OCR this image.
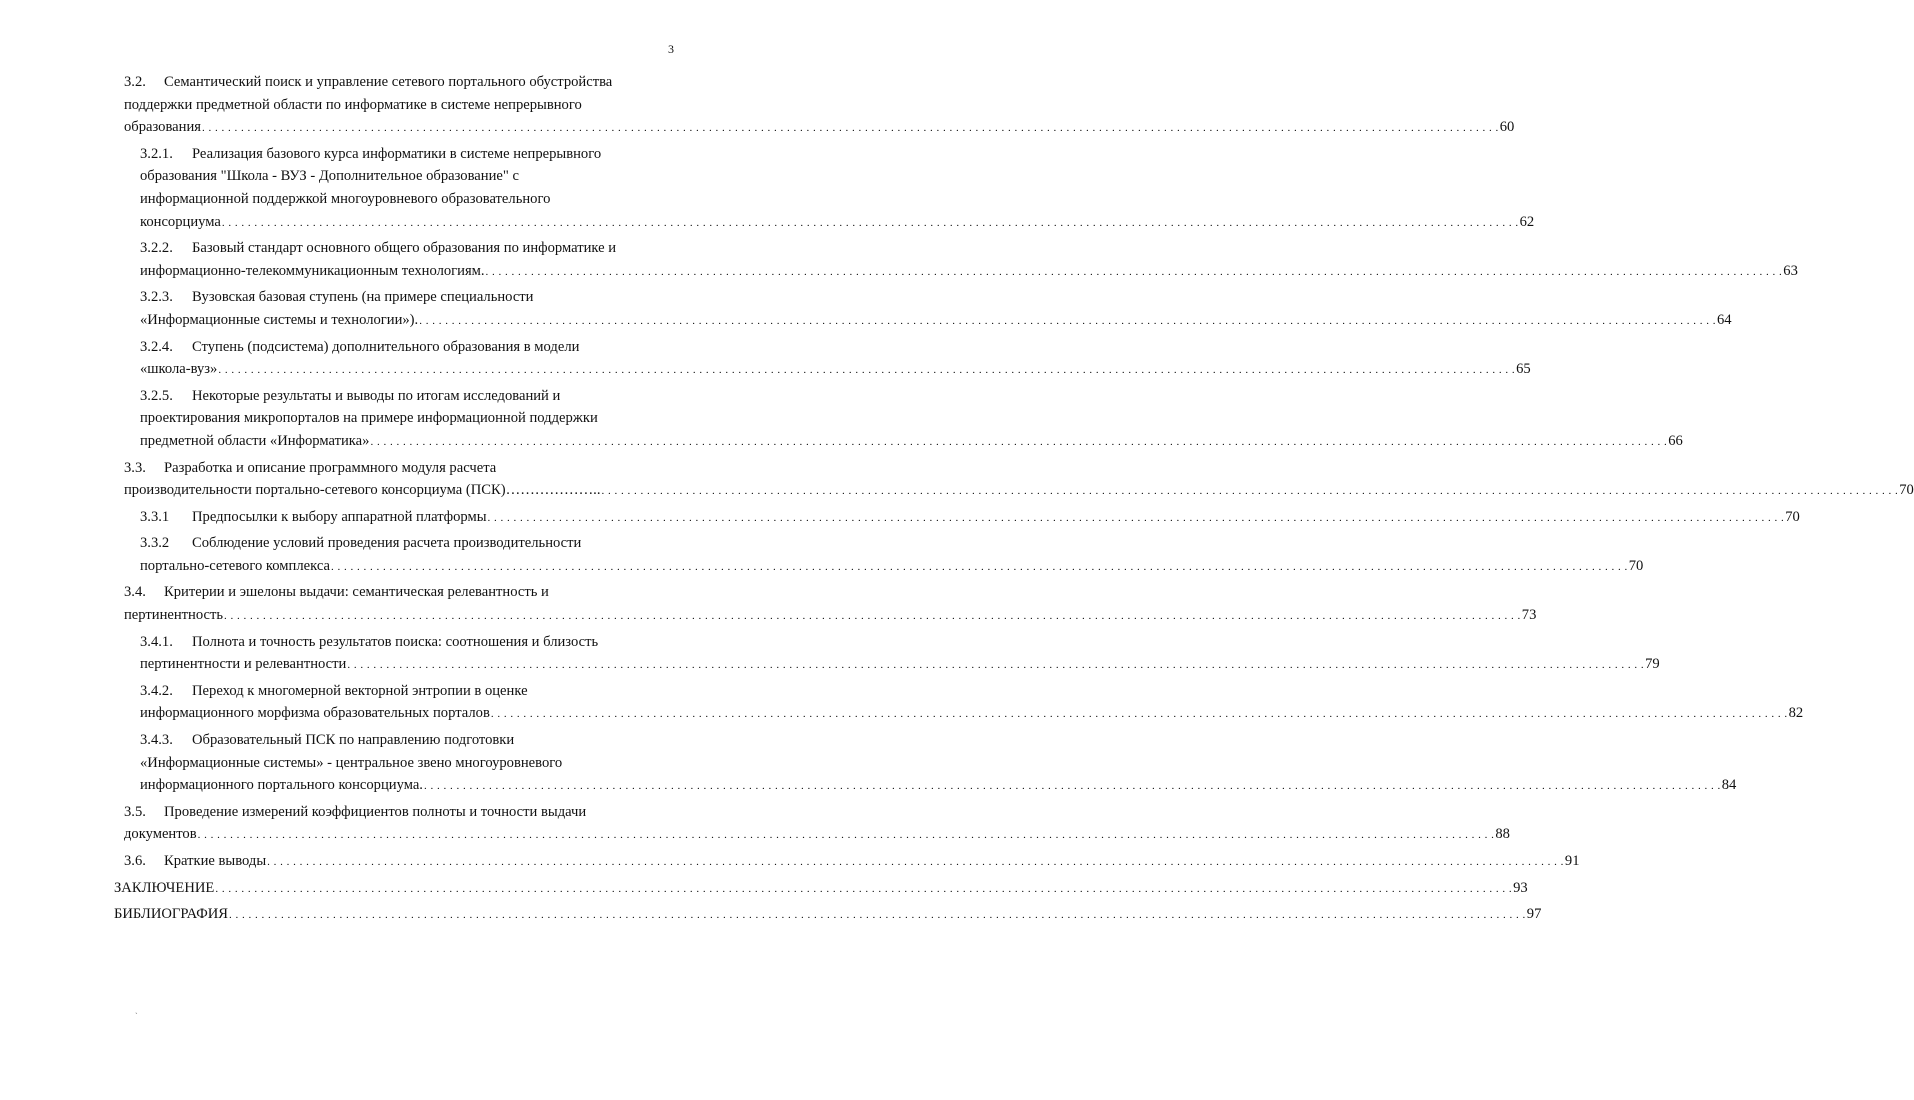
3
3.2. Семантический поиск и управление сетевого портального обустройства
поддержки предметной области по информатике в системе непрерывного
образования . . . . . . . . . . . . . . . . . . . . . . . . . . . . . . . . . . . . . . . . . . . . . . . . . . . . . . . . . . . . . . . . . . . . . . . . . . . . . . . . . . . . . . . . . . . . . . . . . . . . . . . . . . . . . . . . . . . . . . . . . . . . . . . . . . . . . . . . . . . . . . . . . . . . . . . . . . . . . . . . . . . . . . . . . . . . . . . . . . . . . . . . . . . . . . . . . . . . . . . . 60
3.2.1. Реализация базового курса информатики в системе непрерывного
образования "Школа - ВУЗ - Дополнительное образование" с
информационной поддержкой многоуровневого образовательного
консорциума . . . . . . . . . . . . . . . . . . . . . . . . . . . . . . . . . . . . . . . . . . . . . . . . . . . . . . . . . . . . . . . . . . . . . . . . . . . . . . . . . . . . . . . . . . . . . . . . . . . . . . . . . . . . . . . . . . . . . . . . . . . . . . . . . . . . . . . . . . . . . . . . . . . . . . . . . . . . . . . . . . . . . . . . . . . . . . . . . . . . . . . . . . . . . . . . . . . . . . . . 62
3.2.2. Базовый стандарт основного общего образования по информатике и
информационно-телекоммуникационным технологиям. . . . . . . . . . . . . . . . . . . . . . . . . . . . . . . . . . . . . . . . . . . . . . . . . . . . . . . . . . . . . . . . . . . . . . . . . . . . . . . . . . . . . . . . . . . . . . . . . . . . . . . . . . . . . . . . . . . . . . . . . . . . . . . . . . . . . . . . . . . . . . . . . . . . . . . . . . . . . . . . . . . . . . . . . . . . . . . . . . . . . . . . . . . . . . . . . . . . . . . . . 63
3.2.3. Вузовская базовая ступень (на примере специальности
«Информационные системы и технологии»). . . . . . . . . . . . . . . . . . . . . . . . . . . . . . . . . . . . . . . . . . . . . . . . . . . . . . . . . . . . . . . . . . . . . . . . . . . . . . . . . . . . . . . . . . . . . . . . . . . . . . . . . . . . . . . . . . . . . . . . . . . . . . . . . . . . . . . . . . . . . . . . . . . . . . . . . . . . . . . . . . . . . . . . . . . . . . . . . . . . . . . . . . . . . . . . . . . . . . . . . 64
3.2.4. Ступень (подсистема) дополнительного образования в модели
«школа-вуз» . . . . . . . . . . . . . . . . . . . . . . . . . . . . . . . . . . . . . . . . . . . . . . . . . . . . . . . . . . . . . . . . . . . . . . . . . . . . . . . . . . . . . . . . . . . . . . . . . . . . . . . . . . . . . . . . . . . . . . . . . . . . . . . . . . . . . . . . . . . . . . . . . . . . . . . . . . . . . . . . . . . . . . . . . . . . . . . . . . . . . . . . . . . . . . . . . . . . . . . . 65
3.2.5. Некоторые результаты и выводы по итогам исследований и
проектирования микропорталов на примере информационной поддержки
предметной области «Информатика» . . . . . . . . . . . . . . . . . . . . . . . . . . . . . . . . . . . . . . . . . . . . . . . . . . . . . . . . . . . . . . . . . . . . . . . . . . . . . . . . . . . . . . . . . . . . . . . . . . . . . . . . . . . . . . . . . . . . . . . . . . . . . . . . . . . . . . . . . . . . . . . . . . . . . . . . . . . . . . . . . . . . . . . . . . . . . . . . . . . . . . . . . . . . . . . . . . . . . . . . 66
3.3. Разработка и описание программного модуля расчета
производительности портально-сетевого консорциума (ПСК)……………….. . . . . . . . . . . . . . . . . . . . . . . . . . . . . . . . . . . . . . . . . . . . . . . . . . . . . . . . . . . . . . . . . . . . . . . . . . . . . . . . . . . . . . . . . . . . . . . . . . . . . . . . . . . . . . . . . . . . . . . . . . . . . . . . . . . . . . . . . . . . . . . . . . . . . . . . . . . . . . . . . . . . . . . . . . . . . . . . . . . . . . . . . . . . . . . . . . . . . . . . . 70
3.3.1 Предпосылки к выбору аппаратной платформы . . . . . . . . . . . . . . . . . . . . . . . . . . . . . . . . . . . . . . . . . . . . . . . . . . . . . . . . . . . . . . . . . . . . . . . . . . . . . . . . . . . . . . . . . . . . . . . . . . . . . . . . . . . . . . . . . . . . . . . . . . . . . . . . . . . . . . . . . . . . . . . . . . . . . . . . . . . . . . . . . . . . . . . . . . . . . . . . . . . . . . . . . . . . . . . . . . . . . . . . 70
3.3.2 Соблюдение условий проведения расчета производительности
портально-сетевого комплекса . . . . . . . . . . . . . . . . . . . . . . . . . . . . . . . . . . . . . . . . . . . . . . . . . . . . . . . . . . . . . . . . . . . . . . . . . . . . . . . . . . . . . . . . . . . . . . . . . . . . . . . . . . . . . . . . . . . . . . . . . . . . . . . . . . . . . . . . . . . . . . . . . . . . . . . . . . . . . . . . . . . . . . . . . . . . . . . . . . . . . . . . . . . . . . . . . . . . . . . . 70
3.4. Критерии и эшелоны выдачи: семантическая релевантность и
пертинентность . . . . . . . . . . . . . . . . . . . . . . . . . . . . . . . . . . . . . . . . . . . . . . . . . . . . . . . . . . . . . . . . . . . . . . . . . . . . . . . . . . . . . . . . . . . . . . . . . . . . . . . . . . . . . . . . . . . . . . . . . . . . . . . . . . . . . . . . . . . . . . . . . . . . . . . . . . . . . . . . . . . . . . . . . . . . . . . . . . . . . . . . . . . . . . . . . . . . . . . . 73
3.4.1. Полнота и точность результатов поиска: соотношения и близость
пертинентности и релевантности . . . . . . . . . . . . . . . . . . . . . . . . . . . . . . . . . . . . . . . . . . . . . . . . . . . . . . . . . . . . . . . . . . . . . . . . . . . . . . . . . . . . . . . . . . . . . . . . . . . . . . . . . . . . . . . . . . . . . . . . . . . . . . . . . . . . . . . . . . . . . . . . . . . . . . . . . . . . . . . . . . . . . . . . . . . . . . . . . . . . . . . . . . . . . . . . . . . . . . . . 79
3.4.2. Переход к многомерной векторной энтропии в оценке
информационного морфизма образовательных порталов . . . . . . . . . . . . . . . . . . . . . . . . . . . . . . . . . . . . . . . . . . . . . . . . . . . . . . . . . . . . . . . . . . . . . . . . . . . . . . . . . . . . . . . . . . . . . . . . . . . . . . . . . . . . . . . . . . . . . . . . . . . . . . . . . . . . . . . . . . . . . . . . . . . . . . . . . . . . . . . . . . . . . . . . . . . . . . . . . . . . . . . . . . . . . . . . . . . . . . . . 82
3.4.3. Образовательный ПСК по направлению подготовки
«Информационные системы» - центральное звено многоуровневого
информационного портального консорциума. . . . . . . . . . . . . . . . . . . . . . . . . . . . . . . . . . . . . . . . . . . . . . . . . . . . . . . . . . . . . . . . . . . . . . . . . . . . . . . . . . . . . . . . . . . . . . . . . . . . . . . . . . . . . . . . . . . . . . . . . . . . . . . . . . . . . . . . . . . . . . . . . . . . . . . . . . . . . . . . . . . . . . . . . . . . . . . . . . . . . . . . . . . . . . . . . . . . . . . . . 84
3.5. Проведение измерений коэффициентов полноты и точности выдачи
документов . . . . . . . . . . . . . . . . . . . . . . . . . . . . . . . . . . . . . . . . . . . . . . . . . . . . . . . . . . . . . . . . . . . . . . . . . . . . . . . . . . . . . . . . . . . . . . . . . . . . . . . . . . . . . . . . . . . . . . . . . . . . . . . . . . . . . . . . . . . . . . . . . . . . . . . . . . . . . . . . . . . . . . . . . . . . . . . . . . . . . . . . . . . . . . . . . . . . . . . . 88
3.6. Краткие выводы . . . . . . . . . . . . . . . . . . . . . . . . . . . . . . . . . . . . . . . . . . . . . . . . . . . . . . . . . . . . . . . . . . . . . . . . . . . . . . . . . . . . . . . . . . . . . . . . . . . . . . . . . . . . . . . . . . . . . . . . . . . . . . . . . . . . . . . . . . . . . . . . . . . . . . . . . . . . . . . . . . . . . . . . . . . . . . . . . . . . . . . . . . . . . . . . . . . . . . . . 91
ЗАКЛЮЧЕНИЕ . . . . . . . . . . . . . . . . . . . . . . . . . . . . . . . . . . . . . . . . . . . . . . . . . . . . . . . . . . . . . . . . . . . . . . . . . . . . . . . . . . . . . . . . . . . . . . . . . . . . . . . . . . . . . . . . . . . . . . . . . . . . . . . . . . . . . . . . . . . . . . . . . . . . . . . . . . . . . . . . . . . . . . . . . . . . . . . . . . . . . . . . . . . . . . . . . . . . . . . . 93
БИБЛИОГРАФИЯ . . . . . . . . . . . . . . . . . . . . . . . . . . . . . . . . . . . . . . . . . . . . . . . . . . . . . . . . . . . . . . . . . . . . . . . . . . . . . . . . . . . . . . . . . . . . . . . . . . . . . . . . . . . . . . . . . . . . . . . . . . . . . . . . . . . . . . . . . . . . . . . . . . . . . . . . . . . . . . . . . . . . . . . . . . . . . . . . . . . . . . . . . . . . . . . . . . . . . . . . 97
ˎ
